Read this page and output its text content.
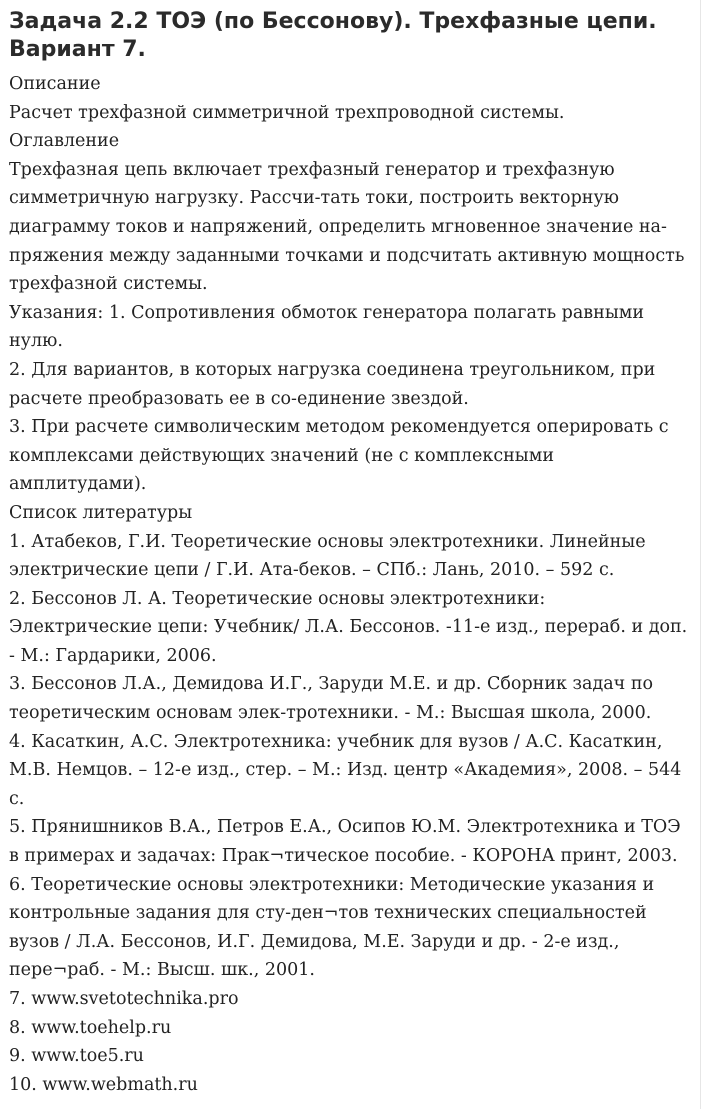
Задача 2.2 ТОЭ (по Бессонову). Трехфазные цепи. Вариант 7.
Описание

Расчет трехфазной симметричной трехпроводной системы.

Оглавление

Трехфазная цепь включает трехфазный генератор и трехфазную симметричную нагрузку. Рассчи-тать токи, построить векторную диаграмму токов и напряжений, определить мгновенное значение на-пряжения между заданными точками и подсчитать активную мощность трехфазной системы.

Указания: 1. Сопротивления обмоток генератора полагать равными нулю.

2. Для вариантов, в которых нагрузка соединена треугольником, при расчете преобразовать ее в со-единение звездой.

3. При расчете символическим методом рекомендуется оперировать с комплексами действующих значений (не с комплексными амплитудами).

Список литературы
1. Атабеков, Г.И. Теоретические основы электротехники. Линейные электрические цепи / Г.И. Ата-беков. – СПб.: Лань, 2010. – 592 с.
2. Бессонов Л. А. Теоретические основы электротехники: Электрические цепи: Учебник/ Л.А. Бессонов. -11-е изд., перераб. и доп. - М.: Гардарики, 2006.
3. Бессонов Л.А., Демидова И.Г., Заруди М.Е. и др. Сборник задач по теоретическим основам элек-тротехники. - М.: Высшая школа, 2000.
4. Касаткин, А.С. Электротехника: учебник для вузов / А.С. Касаткин, М.В. Немцов. – 12-е изд., стер. – М.: Изд. центр «Академия», 2008. – 544 с.
5. Прянишников В.А., Петров Е.А., Осипов Ю.М. Электротехника и ТОЭ в примерах и задачах: Прак¬тическое пособие. - КОРОНА принт, 2003.
6. Теоретические основы электротехники: Методические указания и контрольные задания для сту-ден¬тов технических специальностей вузов / Л.А. Бессонов, И.Г. Демидова, М.Е. Заруди и др. - 2-е изд., пере¬раб. - М.: Высш. шк., 2001.
7. www.svetotechnika.pro
8. www.toehelp.ru
9. www.toe5.ru
10. www.webmath.ru
